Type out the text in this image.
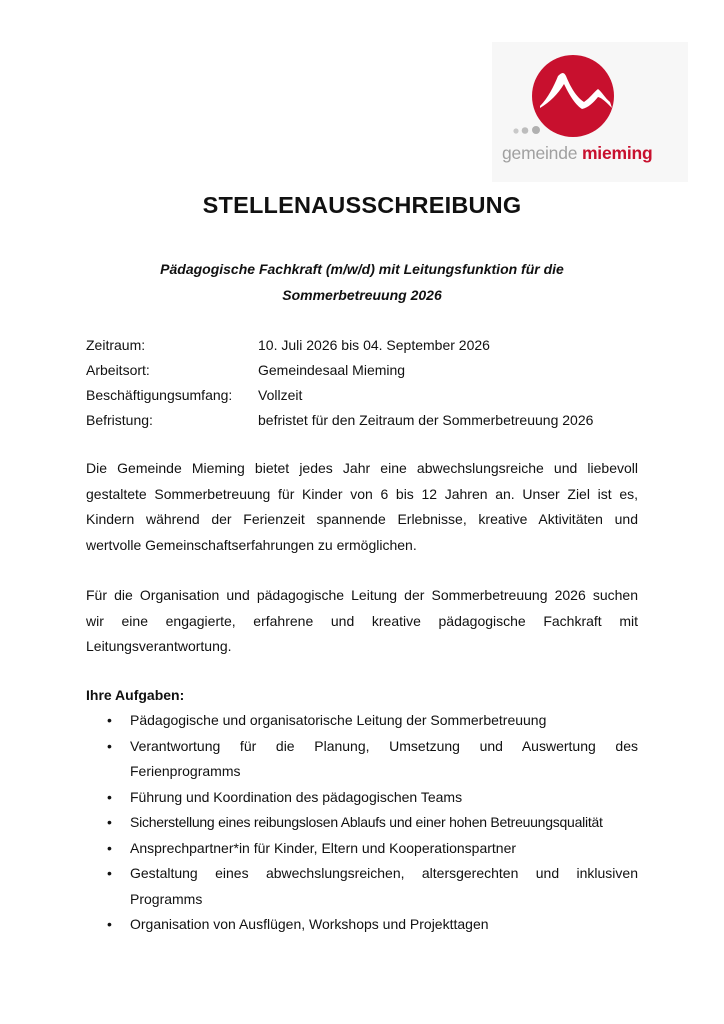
gemeinde mieming
STELLENAUSSCHREIBUNG
Pädagogische Fachkraft (m/w/d) mit Leitungsfunktion für die
Sommerbetreuung 2026
Zeitraum:	10. Juli 2026 bis 04. September 2026
Arbeitsort:	Gemeindesaal Mieming
Beschäftigungsumfang: Vollzeit
Befristung:	befristet für den Zeitraum der Sommerbetreuung 2026
Die Gemeinde Mieming bietet jedes Jahr eine abwechslungsreiche und liebevoll
gestaltete Sommerbetreuung für Kinder von 6 bis 12 Jahren an. Unser Ziel ist es,
Kindern während der Ferienzeit spannende Erlebnisse, kreative Aktivitäten und
wertvolle Gemeinschaftserfahrungen zu ermöglichen.
Für die Organisation und pädagogische Leitung der Sommerbetreuung 2026 suchen
wir eine engagierte, erfahrene und kreative pädagogische Fachkraft mit
Leitungsverantwortung.
Ihre Aufgaben:
• Pädagogische und organisatorische Leitung der Sommerbetreuung
• Verantwortung für die Planung, Umsetzung und Auswertung des
Ferienprogramms
• Führung und Koordination des pädagogischen Teams
• Sicherstellung eines reibungslosen Ablaufs und einer hohen Betreuungsqualität
• Ansprechpartner*in für Kinder, Eltern und Kooperationspartner
• Gestaltung eines abwechslungsreichen, altersgerechten und inklusiven
Programms
• Organisation von Ausflügen, Workshops und Projekttagen
